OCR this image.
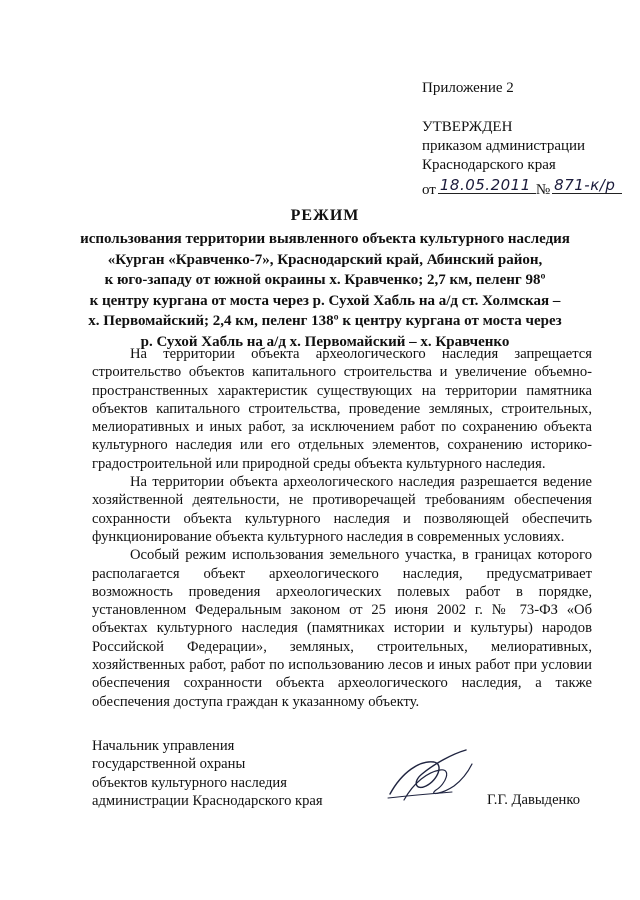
Приложение 2
УТВЕРЖДЕН
приказом администрации
Краснодарского края
от 18.05.2011 № 871-к/р
РЕЖИМ
использования территории выявленного объекта культурного наследия
«Курган «Кравченко-7», Краснодарский край, Абинский район,
к юго-западу от южной окраины х. Кравченко; 2,7 км, пеленг 98º
к центру кургана от моста через р. Сухой Хабль на а/д ст. Холмская –
х. Первомайский; 2,4 км, пеленг 138º к центру кургана от моста через
р. Сухой Хабль на а/д х. Первомайский – х. Кравченко

На территории объекта археологического наследия запрещается строительство объектов капитального строительства и увеличение объемно-пространственных характеристик существующих на территории памятника объектов капитального строительства, проведение земляных, строительных, мелиоративных и иных работ, за исключением работ по сохранению объекта культурного наследия или его отдельных элементов, сохранению историко-градостроительной или природной среды объекта культурного наследия.

На территории объекта археологического наследия разрешается ведение хозяйственной деятельности, не противоречащей требованиям обеспечения сохранности объекта культурного наследия и позволяющей обеспечить функционирование объекта культурного наследия в современных условиях.

Особый режим использования земельного участка, в границах которого располагается объект археологического наследия, предусматривает возможность проведения археологических полевых работ в порядке, установленном Федеральным законом от 25 июня 2002 г. № 73-ФЗ «Об объектах культурного наследия (памятниках истории и культуры) народов Российской Федерации», земляных, строительных, мелиоративных, хозяйственных работ, работ по использованию лесов и иных работ при условии обеспечения сохранности объекта археологического наследия, а также обеспечения доступа граждан к указанному объекту.

Начальник управления
государственной охраны
объектов культурного наследия
администрации Краснодарского края	Г.Г. Давыденко
